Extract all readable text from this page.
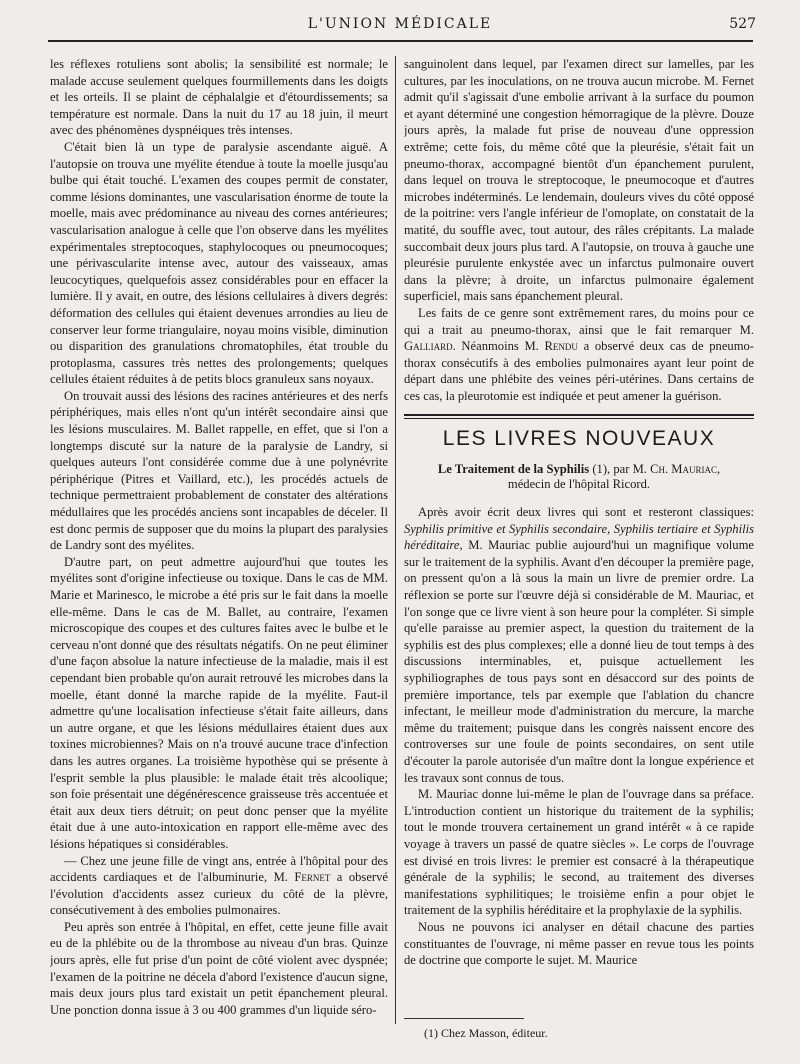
L'UNION MÉDICALE	527

les réflexes rotuliens sont abolis; la sensibilité est normale; le malade accuse seulement quelques fourmillements dans les doigts et les orteils. Il se plaint de céphalalgie et d'étourdissements; sa température est normale. Dans la nuit du 17 au 18 juin, il meurt avec des phénomènes dyspnéiques très intenses.

C'était bien là un type de paralysie ascendante aiguë. A l'autopsie on trouva une myélite étendue à toute la moelle jusqu'au bulbe qui était touché. L'examen des coupes permit de constater, comme lésions dominantes, une vascularisation énorme de toute la moelle, mais avec prédominance au niveau des cornes antérieures; vascularisation analogue à celle que l'on observe dans les myélites expérimentales streptocoques, staphylocoques ou pneumocoques; une périvascularite intense avec, autour des vaisseaux, amas leucocytiques, quelquefois assez considérables pour en effacer la lumière. Il y avait, en outre, des lésions cellulaires à divers degrés: déformation des cellules qui étaient devenues arrondies au lieu de conserver leur forme triangulaire, noyau moins visible, diminution ou disparition des granulations chromatophiles, état trouble du protoplasma, cassures très nettes des prolongements; quelques cellules étaient réduites à de petits blocs granuleux sans noyaux.

On trouvait aussi des lésions des racines antérieures et des nerfs périphériques, mais elles n'ont qu'un intérêt secondaire ainsi que les lésions musculaires. M. Ballet rappelle, en effet, que si l'on a longtemps discuté sur la nature de la paralysie de Landry, si quelques auteurs l'ont considérée comme due à une polynévrite périphérique (Pitres et Vaillard, etc.), les procédés actuels de technique permettraient probablement de constater des altérations médullaires que les procédés anciens sont incapables de déceler. Il est donc permis de supposer que du moins la plupart des paralysies de Landry sont des myélites.

D'autre part, on peut admettre aujourd'hui que toutes les myélites sont d'origine infectieuse ou toxique. Dans le cas de MM. Marie et Marinesco, le microbe a été pris sur le fait dans la moelle elle-même. Dans le cas de M. Ballet, au contraire, l'examen microscopique des coupes et des cultures faites avec le bulbe et le cerveau n'ont donné que des résultats négatifs. On ne peut éliminer d'une façon absolue la nature infectieuse de la maladie, mais il est cependant bien probable qu'on aurait retrouvé les microbes dans la moelle, étant donné la marche rapide de la myélite. Faut-il admettre qu'une localisation infectieuse s'était faite ailleurs, dans un autre organe, et que les lésions médullaires étaient dues aux toxines microbiennes? Mais on n'a trouvé aucune trace d'infection dans les autres organes. La troisième hypothèse qui se présente à l'esprit semble la plus plausible: le malade était très alcoolique; son foie présentait une dégénérescence graisseuse très accentuée et était aux deux tiers détruit; on peut donc penser que la myélite était due à une auto-intoxication en rapport elle-même avec des lésions hépatiques si considérables.

— Chez une jeune fille de vingt ans, entrée à l'hôpital pour des accidents cardiaques et de l'albuminurie, M. Fernet a observé l'évolution d'accidents assez curieux du côté de la plèvre, consécutivement à des embolies pulmonaires.

Peu après son entrée à l'hôpital, en effet, cette jeune fille avait eu de la phlébite ou de la thrombose au niveau d'un bras. Quinze jours après, elle fut prise d'un point de côté violent avec dyspnée; l'examen de la poitrine ne décela d'abord l'existence d'aucun signe, mais deux jours plus tard existait un petit épanchement pleural. Une ponction donna issue à 3 ou 400 grammes d'un liquide séro-

sanguinolent dans lequel, par l'examen direct sur lamelles, par les cultures, par les inoculations, on ne trouva aucun microbe. M. Fernet admit qu'il s'agissait d'une embolie arrivant à la surface du poumon et ayant déterminé une congestion hémorragique de la plèvre. Douze jours après, la malade fut prise de nouveau d'une oppression extrême; cette fois, du même côté que la pleurésie, s'était fait un pneumo-thorax, accompagné bientôt d'un épanchement purulent, dans lequel on trouva le streptocoque, le pneumocoque et d'autres microbes indéterminés. Le lendemain, douleurs vives du côté opposé de la poitrine: vers l'angle inférieur de l'omoplate, on constatait de la matité, du souffle avec, tout autour, des râles crépitants. La malade succombait deux jours plus tard. A l'autopsie, on trouva à gauche une pleurésie purulente enkystée avec un infarctus pulmonaire ouvert dans la plèvre; à droite, un infarctus pulmonaire également superficiel, mais sans épanchement pleural.

Les faits de ce genre sont extrêmement rares, du moins pour ce qui a trait au pneumo-thorax, ainsi que le fait remarquer M. Galliard. Néanmoins M. Rendu a observé deux cas de pneumo-thorax consécutifs à des embolies pulmonaires ayant leur point de départ dans une phlébite des veines péri-utérines. Dans certains de ces cas, la pleurotomie est indiquée et peut amener la guérison.

LES LIVRES NOUVEAUX
Le Traitement de la Syphilis (1), par M. Ch. Mauriac,
médecin de l'hôpital Ricord.

Après avoir écrit deux livres qui sont et resteront classiques: Syphilis primitive et Syphilis secondaire, Syphilis tertiaire et Syphilis héréditaire, M. Mauriac publie aujourd'hui un magnifique volume sur le traitement de la syphilis. Avant d'en découper la première page, on pressent qu'on a là sous la main un livre de premier ordre. La réflexion se porte sur l'œuvre déjà si considérable de M. Mauriac, et l'on songe que ce livre vient à son heure pour la compléter. Si simple qu'elle paraisse au premier aspect, la question du traitement de la syphilis est des plus complexes; elle a donné lieu de tout temps à des discussions interminables, et, puisque actuellement les syphiliographes de tous pays sont en désaccord sur des points de première importance, tels par exemple que l'ablation du chancre infectant, le meilleur mode d'administration du mercure, la marche même du traitement; puisque dans les congrès naissent encore des controverses sur une foule de points secondaires, on sent utile d'écouter la parole autorisée d'un maître dont la longue expérience et les travaux sont connus de tous.

M. Mauriac donne lui-même le plan de l'ouvrage dans sa préface. L'introduction contient un historique du traitement de la syphilis; tout le monde trouvera certainement un grand intérêt « à ce rapide voyage à travers un passé de quatre siècles ». Le corps de l'ouvrage est divisé en trois livres: le premier est consacré à la thérapeutique générale de la syphilis; le second, au traitement des diverses manifestations syphilitiques; le troisième enfin a pour objet le traitement de la syphilis héréditaire et la prophylaxie de la syphilis.

Nous ne pouvons ici analyser en détail chacune des parties constituantes de l'ouvrage, ni même passer en revue tous les points de doctrine que comporte le sujet. M. Maurice

(1) Chez Masson, éditeur.
